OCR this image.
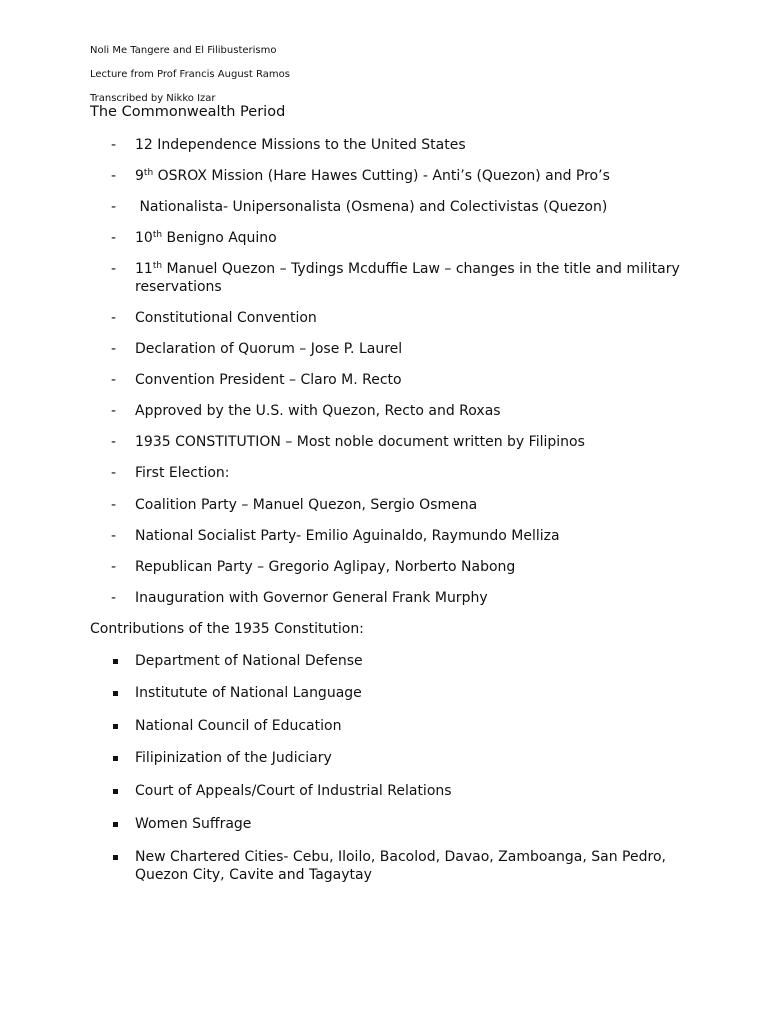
Noli Me Tangere and El Filibusterismo
Lecture from Prof Francis August Ramos
Transcribed by Nikko Izar
The Commonwealth Period
- 12 Independence Missions to the United States
- 9th OSROX Mission (Hare Hawes Cutting) - Anti’s (Quezon) and Pro’s
- Nationalista- Unipersonalista (Osmena) and Colectivistas (Quezon)
- 10th Benigno Aquino
- 11th Manuel Quezon – Tydings Mcduffie Law – changes in the title and military reservations
- Constitutional Convention
- Declaration of Quorum – Jose P. Laurel
- Convention President – Claro M. Recto
- Approved by the U.S. with Quezon, Recto and Roxas
- 1935 CONSTITUTION – Most noble document written by Filipinos
- First Election:
- Coalition Party – Manuel Quezon, Sergio Osmena
- National Socialist Party- Emilio Aguinaldo, Raymundo Melliza
- Republican Party – Gregorio Aglipay, Norberto Nabong
- Inauguration with Governor General Frank Murphy
Contributions of the 1935 Constitution:
Department of National Defense
Institutute of National Language
National Council of Education
Filipinization of the Judiciary
Court of Appeals/Court of Industrial Relations
Women Suffrage
New Chartered Cities- Cebu, Iloilo, Bacolod, Davao, Zamboanga, San Pedro, Quezon City, Cavite and Tagaytay
